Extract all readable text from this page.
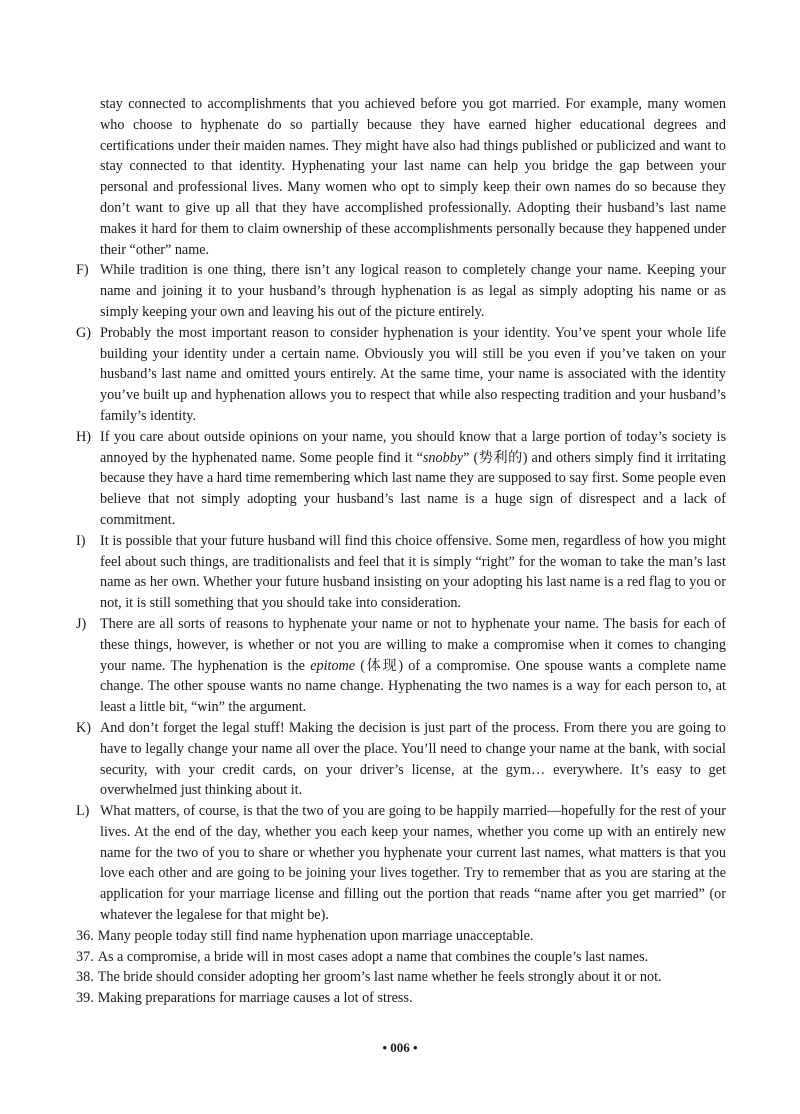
stay connected to accomplishments that you achieved before you got married. For example, many women who choose to hyphenate do so partially because they have earned higher educational degrees and certifications under their maiden names. They might have also had things published or publicized and want to stay connected to that identity. Hyphenating your last name can help you bridge the gap between your personal and professional lives. Many women who opt to simply keep their own names do so because they don’t want to give up all that they have accomplished professionally. Adopting their husband’s last name makes it hard for them to claim ownership of these accomplishments personally because they happened under their “other” name.
F) While tradition is one thing, there isn’t any logical reason to completely change your name. Keeping your name and joining it to your husband’s through hyphenation is as legal as simply adopting his name or as simply keeping your own and leaving his out of the picture entirely.
G) Probably the most important reason to consider hyphenation is your identity. You’ve spent your whole life building your identity under a certain name. Obviously you will still be you even if you’ve taken on your husband’s last name and omitted yours entirely. At the same time, your name is associated with the identity you’ve built up and hyphenation allows you to respect that while also respecting tradition and your husband’s family’s identity.
H) If you care about outside opinions on your name, you should know that a large portion of today’s society is annoyed by the hyphenated name. Some people find it “snobby” (势利的) and others simply find it irritating because they have a hard time remembering which last name they are supposed to say first. Some people even believe that not simply adopting your husband’s last name is a huge sign of disrespect and a lack of commitment.
I)	It is possible that your future husband will find this choice offensive. Some men, regardless of how you might feel about such things, are traditionalists and feel that it is simply “right” for the woman to take the man’s last name as her own. Whether your future husband insisting on your adopting his last name is a red flag to you or not, it is still something that you should take into consideration.
J) There are all sorts of reasons to hyphenate your name or not to hyphenate your name. The basis for each of these things, however, is whether or not you are willing to make a compromise when it comes to changing your name. The hyphenation is the epitome (体现) of a compromise. One spouse wants a complete name change. The other spouse wants no name change. Hyphenating the two names is a way for each person to, at least a little bit, “win” the argument.
K) And don’t forget the legal stuff! Making the decision is just part of the process. From there you are going to have to legally change your name all over the place. You’ll need to change your name at the bank, with social security, with your credit cards, on your driver’s license, at the gym… everywhere. It’s easy to get overwhelmed just thinking about it.
L) What matters, of course, is that the two of you are going to be happily married—hopefully for the rest of your lives. At the end of the day, whether you each keep your names, whether you come up with an entirely new name for the two of you to share or whether you hyphenate your current last names, what matters is that you love each other and are going to be joining your lives together. Try to remember that as you are staring at the application for your marriage license and filling out the portion that reads “name after you get married” (or whatever the legalese for that might be).
36. Many people today still find name hyphenation upon marriage unacceptable.
37. As a compromise, a bride will in most cases adopt a name that combines the couple’s last names.
38. The bride should consider adopting her groom’s last name whether he feels strongly about it or not.
39. Making preparations for marriage causes a lot of stress.
• 006 •
